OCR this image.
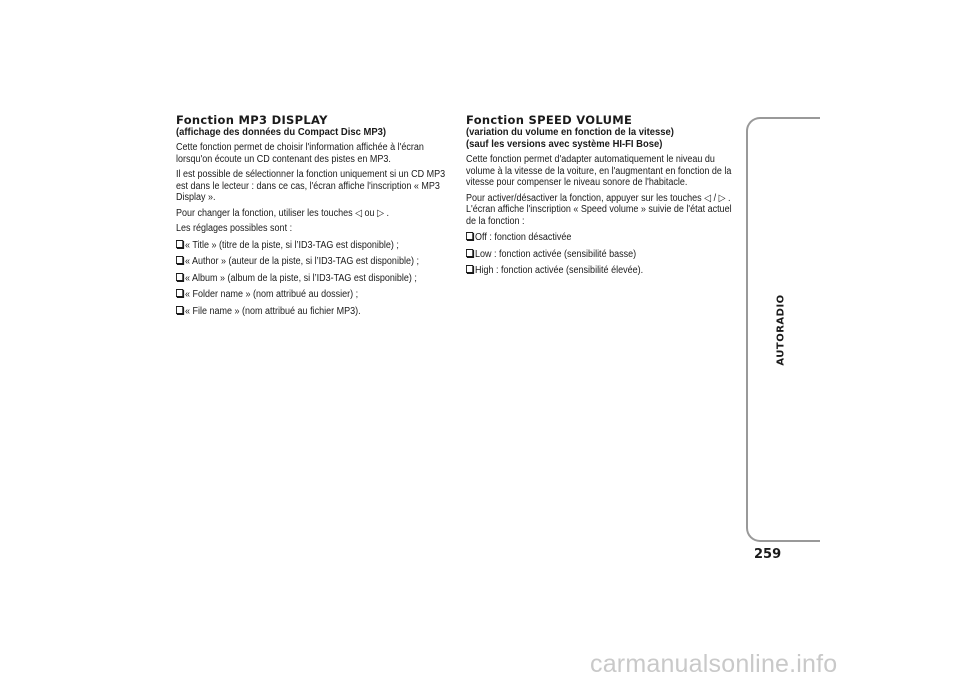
Fonction MP3 DISPLAY
(affichage des données du Compact Disc MP3)

Cette fonction permet de choisir l'information affichée à l'écran lorsqu'on écoute un CD contenant des pistes en MP3.

Il est possible de sélectionner la fonction uniquement si un CD MP3 est dans le lecteur : dans ce cas, l'écran affiche l'inscription « MP3 Display ».

Pour changer la fonction, utiliser les touches ◁ ou ▷ .

Les réglages possibles sont :

« Title » (titre de la piste, si l’ID3-TAG est disponible) ;
« Author » (auteur de la piste, si l’ID3-TAG est disponible) ;
« Album » (album de la piste, si l’ID3-TAG est disponible) ;
« Folder name » (nom attribué au dossier) ;
« File name » (nom attribué au fichier MP3).
Fonction SPEED VOLUME
(variation du volume en fonction de la vitesse)
(sauf les versions avec système HI-FI Bose)

Cette fonction permet d'adapter automatiquement le niveau du volume à la vitesse de la voiture, en l'augmentant en fonction de la vitesse pour compenser le niveau sonore de l'habitacle.

Pour activer/désactiver la fonction, appuyer sur les touches ◁ / ▷ . L'écran affiche l'inscription « Speed volume » suivie de l'état actuel de la fonction :

Off : fonction désactivée
Low : fonction activée (sensibilité basse)
High : fonction activée (sensibilité élevée).
AUTORADIO
259
carmanualsonline.info
